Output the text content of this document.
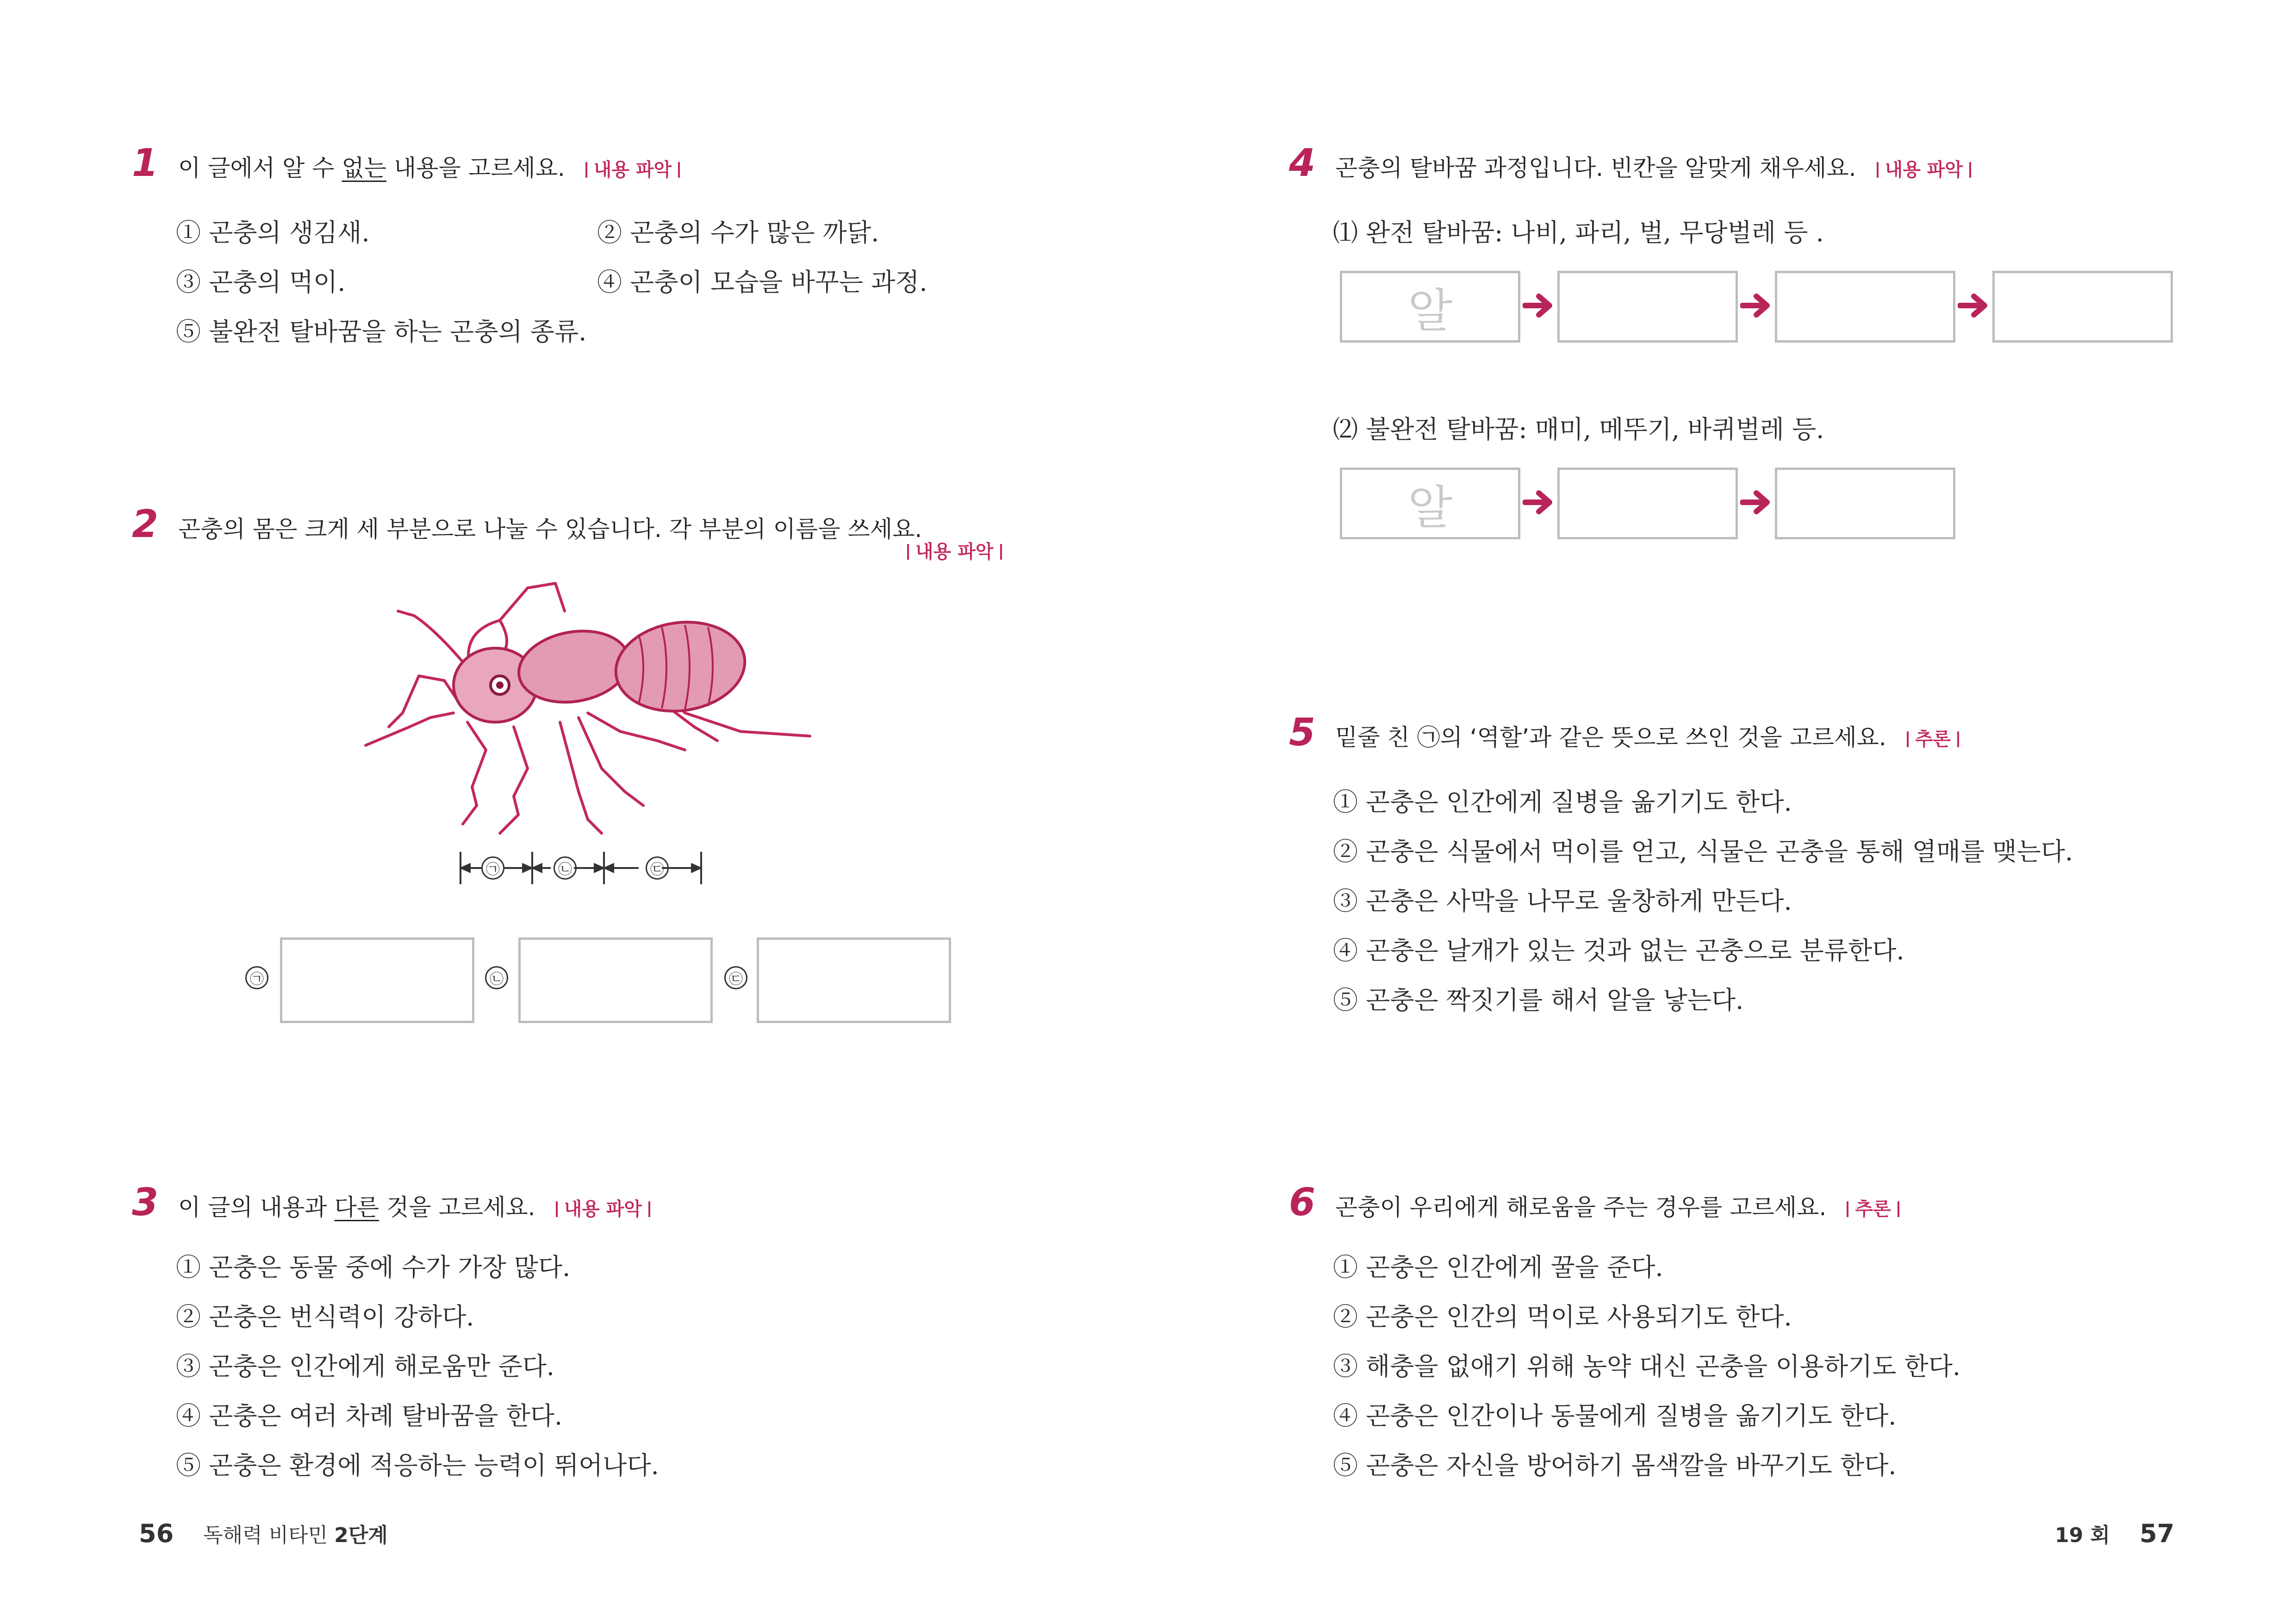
1 이 글에서 알 수 없는 내용을 고르세요.	내용 파악
① 곤충의 생김새.	② 곤충의 수가 많은 까닭.
③ 곤충의 먹이.	④ 곤충이 모습을 바꾸는 과정.
⑤ 불완전 탈바꿈을 하는 곤충의 종류.
2 곤충의 몸은 크게 세 부분으로 나눌 수 있습니다. 각 부분의 이름을 쓰세요.
내용 파악
㉠	㉡	㉢
㉠	㉡	㉢
3 이 글의 내용과 다른 것을 고르세요.	내용 파악
① 곤충은 동물 중에 수가 가장 많다.
② 곤충은 번식력이 강하다.
③ 곤충은 인간에게 해로움만 준다.
④ 곤충은 여러 차례 탈바꿈을 한다.
⑤ 곤충은 환경에 적응하는 능력이 뛰어나다.
56 독해력 비타민 2단계
4 곤충의 탈바꿈 과정입니다. 빈칸을 알맞게 채우세요.	내용 파악
⑴ 완전 탈바꿈: 나비, 파리, 벌, 무당벌레 등 .
알
⑵ 불완전 탈바꿈: 매미, 메뚜기, 바퀴벌레 등.
알
5 밑줄 친 ㉠의 ‘역할’과 같은 뜻으로 쓰인 것을 고르세요.	추론
① 곤충은 인간에게 질병을 옮기기도 한다.
② 곤충은 식물에서 먹이를 얻고, 식물은 곤충을 통해 열매를 맺는다.
③ 곤충은 사막을 나무로 울창하게 만든다.
④ 곤충은 날개가 있는 것과 없는 곤충으로 분류한다.
⑤ 곤충은 짝짓기를 해서 알을 낳는다.
6 곤충이 우리에게 해로움을 주는 경우를 고르세요.	추론
① 곤충은 인간에게 꿀을 준다.
② 곤충은 인간의 먹이로 사용되기도 한다.
③ 해충을 없애기 위해 농약 대신 곤충을 이용하기도 한다.
④ 곤충은 인간이나 동물에게 질병을 옮기기도 한다.
⑤ 곤충은 자신을 방어하기 몸색깔을 바꾸기도 한다.
19 회 57
